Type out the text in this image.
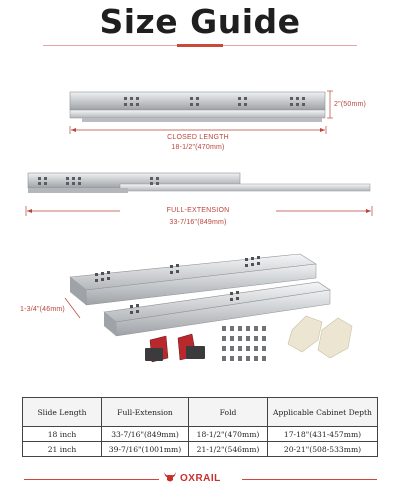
Size Guide
2"(50mm)
CLOSED LENGTH
18-1/2"(470mm)
FULL-EXTENSION
33-7/16"(849mm)
1-3/4"(46mm)
Slide Length	Full-Extension	Fold	Applicable Cabinet Depth
18 inch	33-7/16"(849mm)	18-1/2"(470mm)	17-18"(431-457mm)
21 inch	39-7/16"(1001mm)	21-1/2"(546mm)	20-21"(508-533mm)
OXRAIL
